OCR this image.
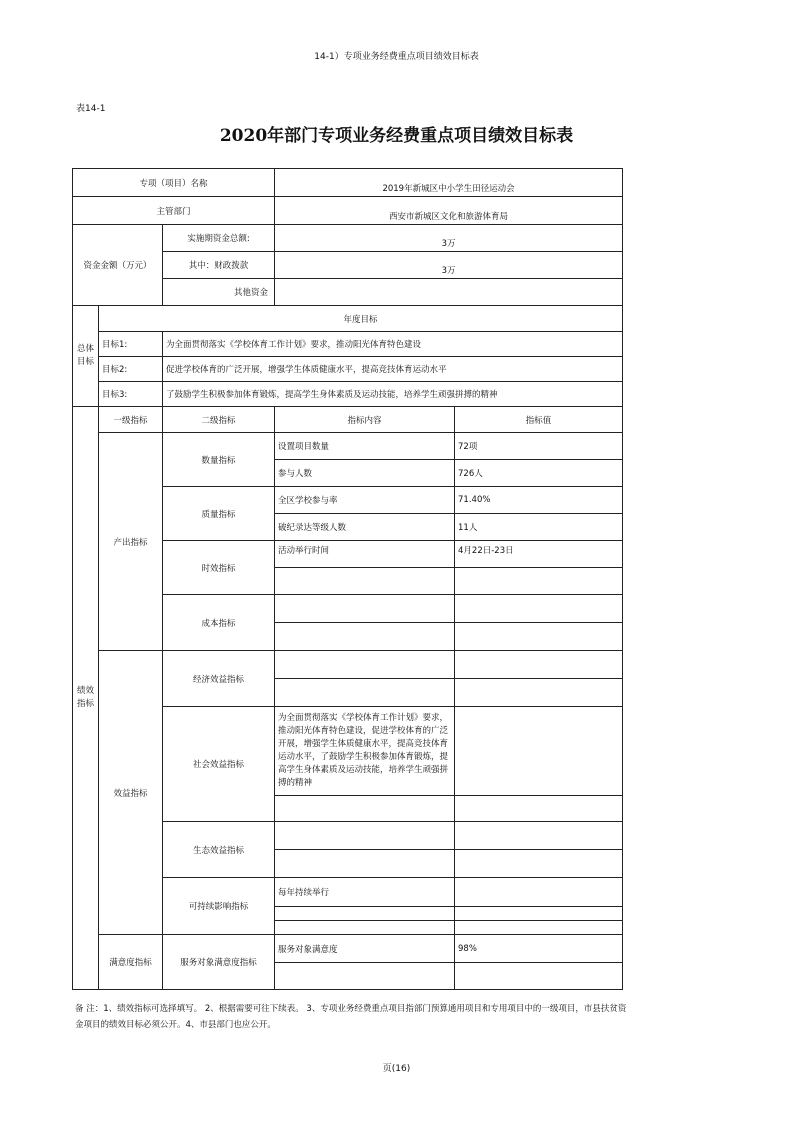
14-1）专项业务经费重点项目绩效目标表
表14-1
2020年部门专项业务经费重点项目绩效目标表
专项（项目）名称			2019年新城区中小学生田径运动会	
主管部门			西安市新城区文化和旅游体育局	
资金金额（万元）		实施期资金总额:	3万	
		其中：财政拨款	3万	
		其他资金		
总体目标	年度目标			
	目标1:	为全面贯彻落实《学校体育工作计划》要求，推动阳光体育特色建设		
	目标2:	促进学校体育的广泛开展，增强学生体质健康水平，提高竞技体育运动水平		
	目标3:	了鼓励学生积极参加体育锻炼，提高学生身体素质及运动技能，培养学生顽强拼搏的精神		
绩效指标	一级指标	二级指标	指标内容	指标值
	产出指标	数量指标	设置项目数量	72项
			参与人数	726人
		质量指标	全区学校参与率	71.40%
			破纪录达等级人数	11人
		时效指标	活动举行时间	4月22日-23日

		成本指标		

	效益指标	经济效益指标		

		社会效益指标	为全面贯彻落实《学校体育工作计划》要求，推动阳光体育特色建设，促进学校体育的广泛开展，增强学生体质健康水平，提高竞技体育运动水平，了鼓励学生积极参加体育锻炼，提高学生身体素质及运动技能，培养学生顽强拼搏的精神	

		生态效益指标		

		可持续影响指标	每年持续举行	

	满意度指标	服务对象满意度指标	服务对象满意度	98%

备 注：1、绩效指标可选择填写。 2、根据需要可往下续表。 3、专项业务经费重点项目指部门预算通用项目和专用项目中的一级项目，市县扶贫资金项目的绩效目标必须公开。4、市县部门也应公开。
页(16)
